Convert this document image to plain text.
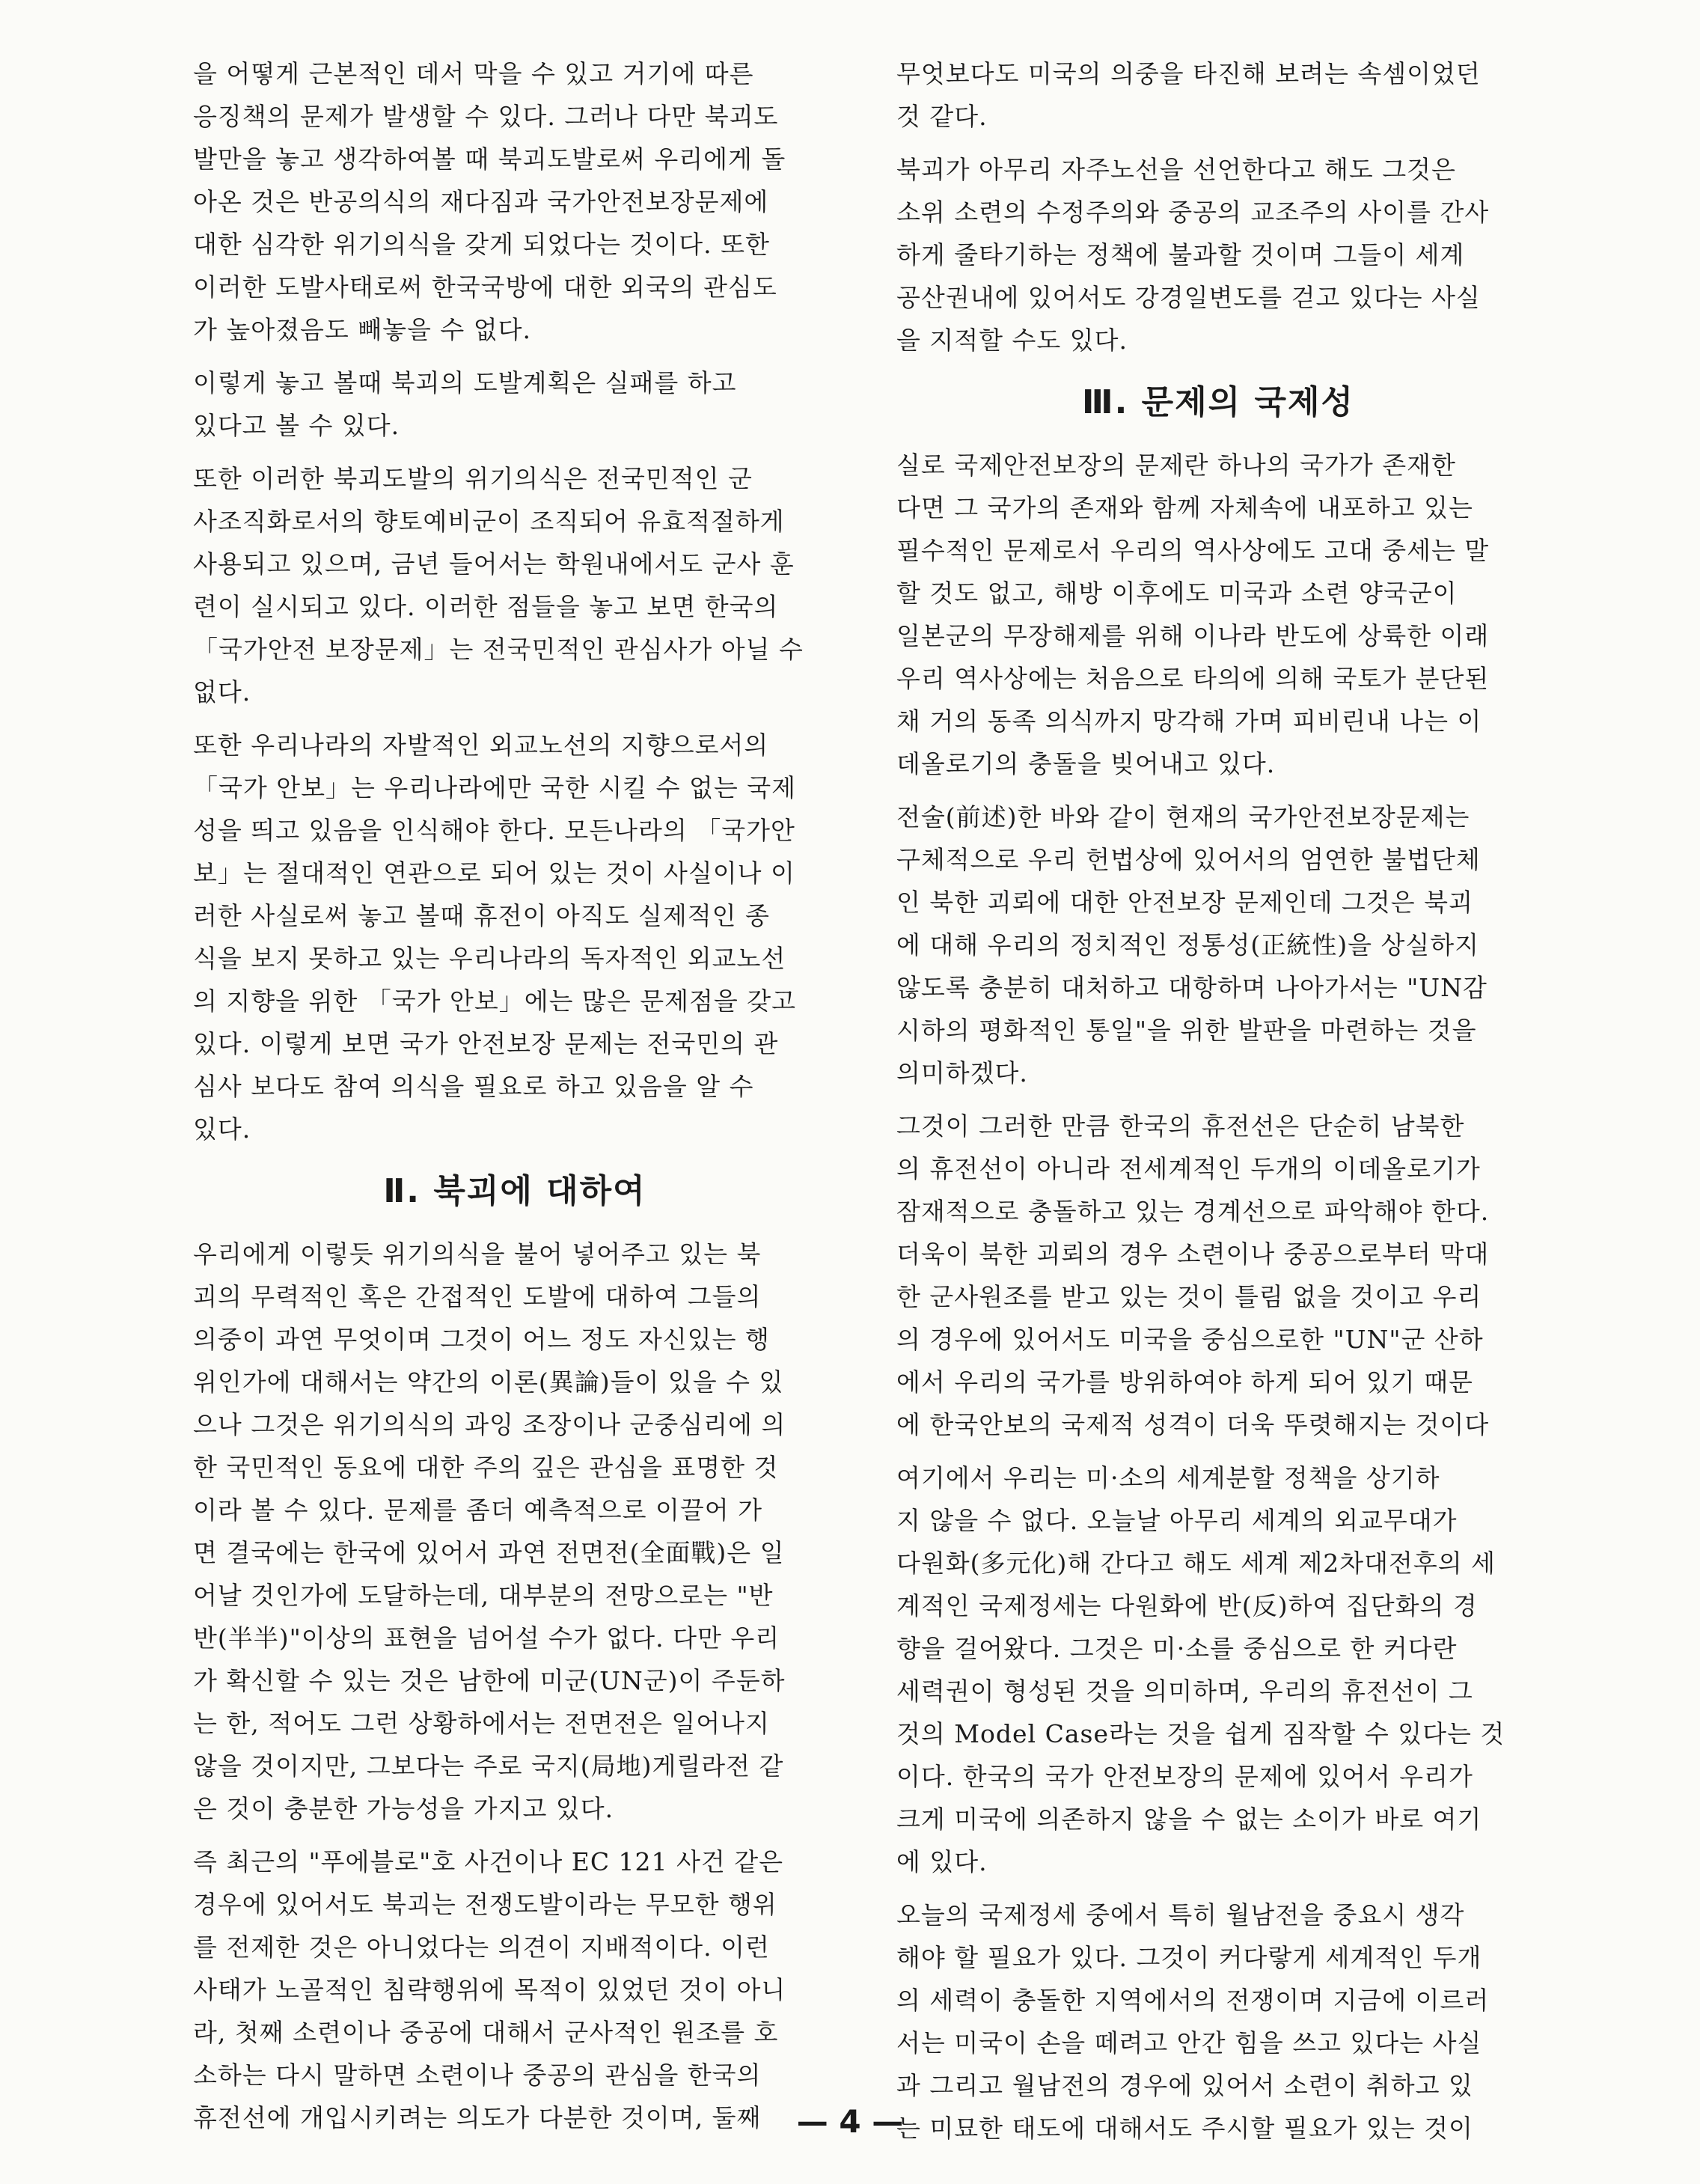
을 어떻게 근본적인 데서 막을 수 있고 거기에 따른
응징책의 문제가 발생할 수 있다. 그러나 다만 북괴도
발만을 놓고 생각하여볼 때 북괴도발로써 우리에게 돌
아온 것은 반공의식의 재다짐과 국가안전보장문제에
대한 심각한 위기의식을 갖게 되었다는 것이다. 또한
이러한 도발사태로써 한국국방에 대한 외국의 관심도
가 높아졌음도 빼놓을 수 없다.
이렇게 놓고 볼때 북괴의 도발계획은 실패를 하고
있다고 볼 수 있다.
또한 이러한 북괴도발의 위기의식은 전국민적인 군
사조직화로서의 향토예비군이 조직되어 유효적절하게
사용되고 있으며, 금년 들어서는 학원내에서도 군사 훈
련이 실시되고 있다. 이러한 점들을 놓고 보면 한국의
「국가안전 보장문제」는 전국민적인 관심사가 아닐 수
없다.
또한 우리나라의 자발적인 외교노선의 지향으로서의
「국가 안보」는 우리나라에만 국한 시킬 수 없는 국제
성을 띄고 있음을 인식해야 한다. 모든나라의 「국가안
보」는 절대적인 연관으로 되어 있는 것이 사실이나 이
러한 사실로써 놓고 볼때 휴전이 아직도 실제적인 종
식을 보지 못하고 있는 우리나라의 독자적인 외교노선
의 지향을 위한 「국가 안보」에는 많은 문제점을 갖고
있다. 이렇게 보면 국가 안전보장 문제는 전국민의 관
심사 보다도 참여 의식을 필요로 하고 있음을 알 수
있다.
Ⅱ. 북괴에 대하여
우리에게 이렇듯 위기의식을 불어 넣어주고 있는 북
괴의 무력적인 혹은 간접적인 도발에 대하여 그들의
의중이 과연 무엇이며 그것이 어느 정도 자신있는 행
위인가에 대해서는 약간의 이론(異論)들이 있을 수 있
으나 그것은 위기의식의 과잉 조장이나 군중심리에 의
한 국민적인 동요에 대한 주의 깊은 관심을 표명한 것
이라 볼 수 있다. 문제를 좀더 예측적으로 이끌어 가
면 결국에는 한국에 있어서 과연 전면전(全面戰)은 일
어날 것인가에 도달하는데, 대부분의 전망으로는 "반
반(半半)"이상의 표현을 넘어설 수가 없다. 다만 우리
가 확신할 수 있는 것은 남한에 미군(UN군)이 주둔하
는 한, 적어도 그런 상황하에서는 전면전은 일어나지
않을 것이지만, 그보다는 주로 국지(局地)게릴라전 같
은 것이 충분한 가능성을 가지고 있다.
즉 최근의 "푸에블로"호 사건이나 EC 121 사건 같은
경우에 있어서도 북괴는 전쟁도발이라는 무모한 행위
를 전제한 것은 아니었다는 의견이 지배적이다. 이런
사태가 노골적인 침략행위에 목적이 있었던 것이 아니
라, 첫째 소련이나 중공에 대해서 군사적인 원조를 호
소하는 다시 말하면 소련이나 중공의 관심을 한국의
휴전선에 개입시키려는 의도가 다분한 것이며, 둘째
무엇보다도 미국의 의중을 타진해 보려는 속셈이었던
것 같다.
북괴가 아무리 자주노선을 선언한다고 해도 그것은
소위 소련의 수정주의와 중공의 교조주의 사이를 간사
하게 줄타기하는 정책에 불과할 것이며 그들이 세계
공산권내에 있어서도 강경일변도를 걷고 있다는 사실
을 지적할 수도 있다.
Ⅲ. 문제의 국제성
실로 국제안전보장의 문제란 하나의 국가가 존재한
다면 그 국가의 존재와 함께 자체속에 내포하고 있는
필수적인 문제로서 우리의 역사상에도 고대 중세는 말
할 것도 없고, 해방 이후에도 미국과 소련 양국군이
일본군의 무장해제를 위해 이나라 반도에 상륙한 이래
우리 역사상에는 처음으로 타의에 의해 국토가 분단된
채 거의 동족 의식까지 망각해 가며 피비린내 나는 이
데올로기의 충돌을 빚어내고 있다.
전술(前述)한 바와 같이 현재의 국가안전보장문제는
구체적으로 우리 헌법상에 있어서의 엄연한 불법단체
인 북한 괴뢰에 대한 안전보장 문제인데 그것은 북괴
에 대해 우리의 정치적인 정통성(正統性)을 상실하지
않도록 충분히 대처하고 대항하며 나아가서는 "UN감
시하의 평화적인 통일"을 위한 발판을 마련하는 것을
의미하겠다.
그것이 그러한 만큼 한국의 휴전선은 단순히 남북한
의 휴전선이 아니라 전세계적인 두개의 이데올로기가
잠재적으로 충돌하고 있는 경계선으로 파악해야 한다.
더욱이 북한 괴뢰의 경우 소련이나 중공으로부터 막대
한 군사원조를 받고 있는 것이 틀림 없을 것이고 우리
의 경우에 있어서도 미국을 중심으로한 "UN"군 산하
에서 우리의 국가를 방위하여야 하게 되어 있기 때문
에 한국안보의 국제적 성격이 더욱 뚜렷해지는 것이다
여기에서 우리는 미·소의 세계분할 정책을 상기하
지 않을 수 없다. 오늘날 아무리 세계의 외교무대가
다원화(多元化)해 간다고 해도 세계 제2차대전후의 세
계적인 국제정세는 다원화에 반(反)하여 집단화의 경
향을 걸어왔다. 그것은 미·소를 중심으로 한 커다란
세력권이 형성된 것을 의미하며, 우리의 휴전선이 그
것의 Model Case라는 것을 쉽게 짐작할 수 있다는 것
이다. 한국의 국가 안전보장의 문제에 있어서 우리가
크게 미국에 의존하지 않을 수 없는 소이가 바로 여기
에 있다.
오늘의 국제정세 중에서 특히 월남전을 중요시 생각
해야 할 필요가 있다. 그것이 커다랗게 세계적인 두개
의 세력이 충돌한 지역에서의 전쟁이며 지금에 이르러
서는 미국이 손을 떼려고 안간 힘을 쓰고 있다는 사실
과 그리고 월남전의 경우에 있어서 소련이 취하고 있
는 미묘한 태도에 대해서도 주시할 필요가 있는 것이
— 4 —
